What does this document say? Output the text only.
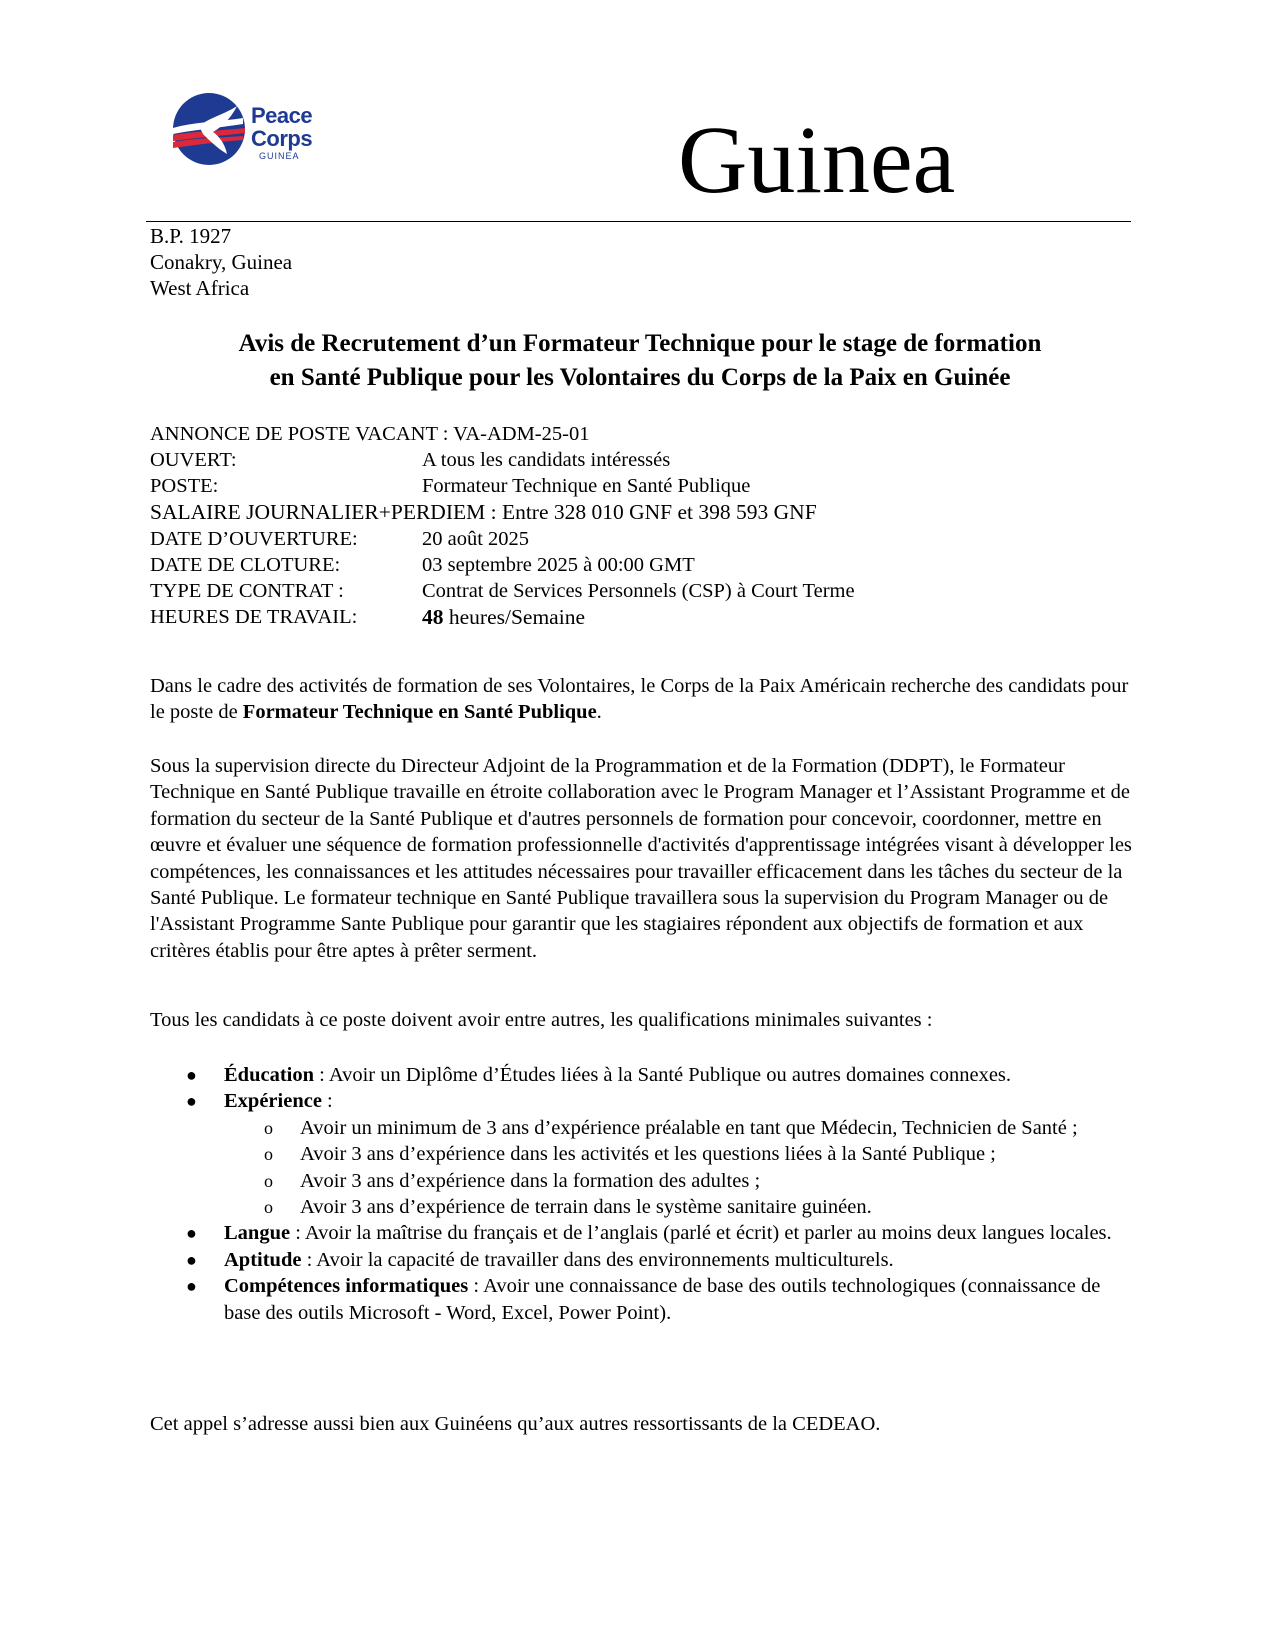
Peace
Corps
GUINEA	Guinea
B.P. 1927
Conakry, Guinea
West Africa
Avis de Recrutement d’un Formateur Technique pour le stage de formation
en Santé Publique pour les Volontaires du Corps de la Paix en Guinée
ANNONCE DE POSTE VACANT : VA-ADM-25-01
OUVERT:	A tous les candidats intéressés
POSTE:	Formateur Technique en Santé Publique
SALAIRE JOURNALIER+PERDIEM : Entre 328 010 GNF et 398 593 GNF
DATE D’OUVERTURE:	20 août 2025
DATE DE CLOTURE:	03 septembre 2025 à 00:00 GMT
TYPE DE CONTRAT :	Contrat de Services Personnels (CSP) à Court Terme
HEURES DE TRAVAIL:	48 heures/Semaine
Dans le cadre des activités de formation de ses Volontaires, le Corps de la Paix Américain recherche des candidats pour le poste de Formateur Technique en Santé Publique.
Sous la supervision directe du Directeur Adjoint de la Programmation et de la Formation (DDPT), le Formateur Technique en Santé Publique travaille en étroite collaboration avec le Program Manager et l’Assistant Programme et de formation du secteur de la Santé Publique et d'autres personnels de formation pour concevoir, coordonner, mettre en œuvre et évaluer une séquence de formation professionnelle d'activités d'apprentissage intégrées visant à développer les compétences, les connaissances et les attitudes nécessaires pour travailler efficacement dans les tâches du secteur de la Santé Publique. Le formateur technique en Santé Publique travaillera sous la supervision du Program Manager ou de l'Assistant Programme Sante Publique pour garantir que les stagiaires répondent aux objectifs de formation et aux critères établis pour être aptes à prêter serment.
Tous les candidats à ce poste doivent avoir entre autres, les qualifications minimales suivantes :
● Éducation : Avoir un Diplôme d’Études liées à la Santé Publique ou autres domaines connexes.
● Expérience :
o Avoir un minimum de 3 ans d’expérience préalable en tant que Médecin, Technicien de Santé ;
o Avoir 3 ans d’expérience dans les activités et les questions liées à la Santé Publique ;
o Avoir 3 ans d’expérience dans la formation des adultes ;
o Avoir 3 ans d’expérience de terrain dans le système sanitaire guinéen.
● Langue : Avoir la maîtrise du français et de l’anglais (parlé et écrit) et parler au moins deux langues locales.
● Aptitude : Avoir la capacité de travailler dans des environnements multiculturels.
● Compétences informatiques : Avoir une connaissance de base des outils technologiques (connaissance de base des outils Microsoft - Word, Excel, Power Point).
Cet appel s’adresse aussi bien aux Guinéens qu’aux autres ressortissants de la CEDEAO.
